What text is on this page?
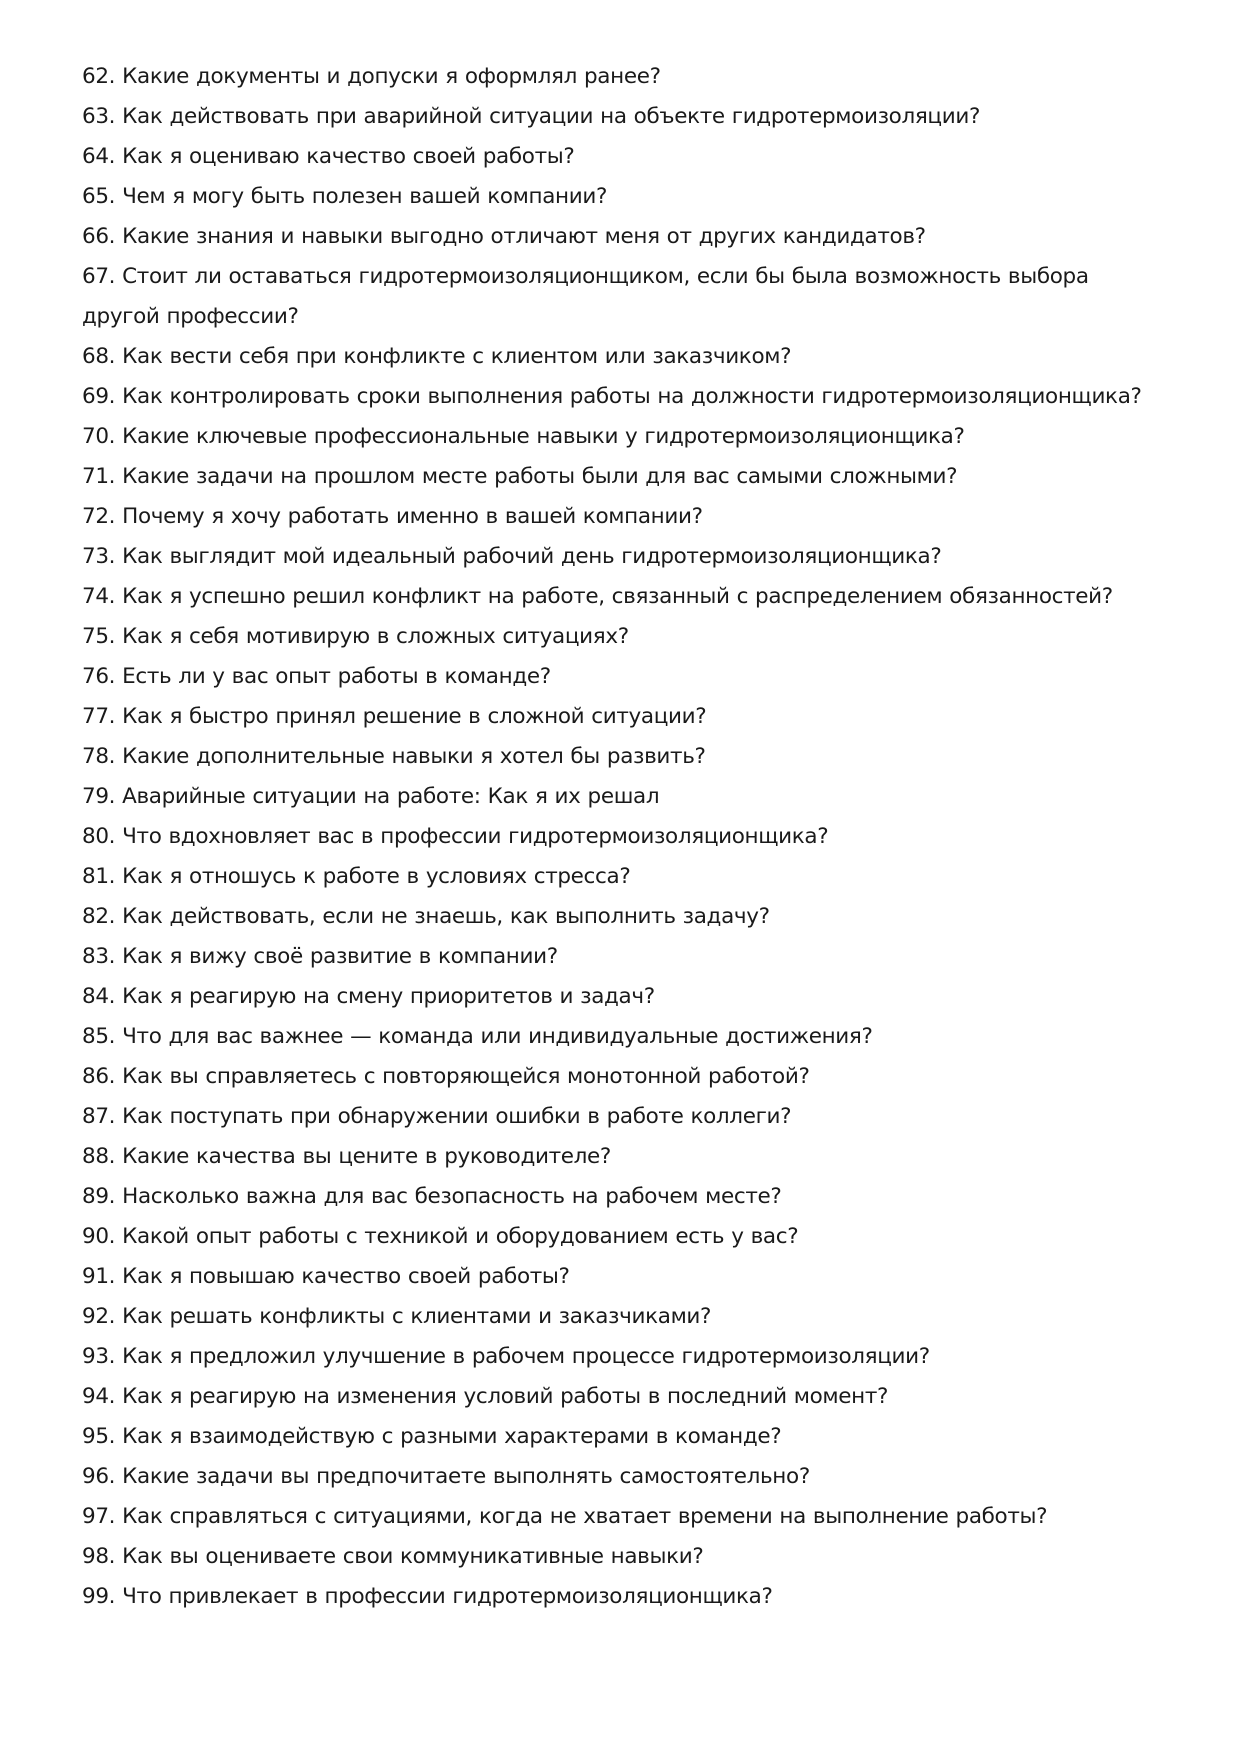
62. Какие документы и допуски я оформлял ранее?
63. Как действовать при аварийной ситуации на объекте гидротермоизоляции?
64. Как я оцениваю качество своей работы?
65. Чем я могу быть полезен вашей компании?
66. Какие знания и навыки выгодно отличают меня от других кандидатов?
67. Стоит ли оставаться гидротермоизоляционщиком, если бы была возможность выбора другой профессии?
68. Как вести себя при конфликте с клиентом или заказчиком?
69. Как контролировать сроки выполнения работы на должности гидротермоизоляционщика?
70. Какие ключевые профессиональные навыки у гидротермоизоляционщика?
71. Какие задачи на прошлом месте работы были для вас самыми сложными?
72. Почему я хочу работать именно в вашей компании?
73. Как выглядит мой идеальный рабочий день гидротермоизоляционщика?
74. Как я успешно решил конфликт на работе, связанный с распределением обязанностей?
75. Как я себя мотивирую в сложных ситуациях?
76. Есть ли у вас опыт работы в команде?
77. Как я быстро принял решение в сложной ситуации?
78. Какие дополнительные навыки я хотел бы развить?
79. Аварийные ситуации на работе: Как я их решал
80. Что вдохновляет вас в профессии гидротермоизоляционщика?
81. Как я отношусь к работе в условиях стресса?
82. Как действовать, если не знаешь, как выполнить задачу?
83. Как я вижу своё развитие в компании?
84. Как я реагирую на смену приоритетов и задач?
85. Что для вас важнее — команда или индивидуальные достижения?
86. Как вы справляетесь с повторяющейся монотонной работой?
87. Как поступать при обнаружении ошибки в работе коллеги?
88. Какие качества вы цените в руководителе?
89. Насколько важна для вас безопасность на рабочем месте?
90. Какой опыт работы с техникой и оборудованием есть у вас?
91. Как я повышаю качество своей работы?
92. Как решать конфликты с клиентами и заказчиками?
93. Как я предложил улучшение в рабочем процессе гидротермоизоляции?
94. Как я реагирую на изменения условий работы в последний момент?
95. Как я взаимодействую с разными характерами в команде?
96. Какие задачи вы предпочитаете выполнять самостоятельно?
97. Как справляться с ситуациями, когда не хватает времени на выполнение работы?
98. Как вы оцениваете свои коммуникативные навыки?
99. Что привлекает в профессии гидротермоизоляционщика?
